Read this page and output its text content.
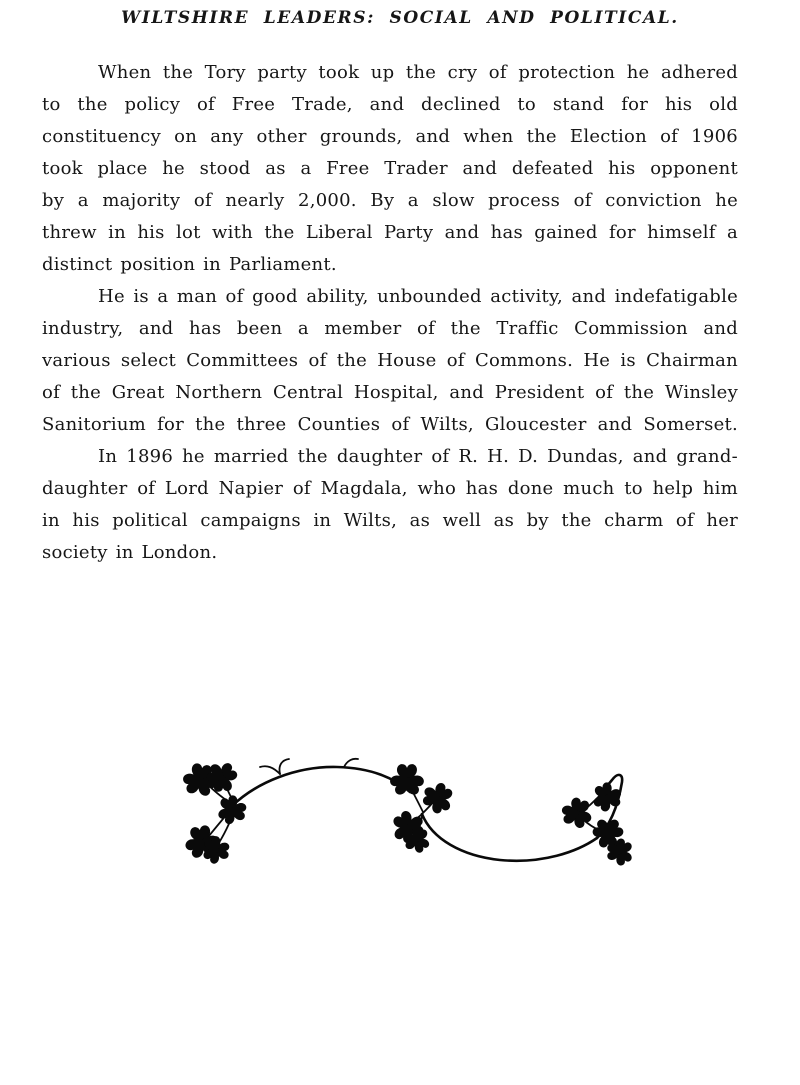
WILTSHIRE LEADERS: SOCIAL AND POLITICAL.
When the Tory party took up the cry of protection he adhered
to the policy of Free Trade, and declined to stand for his old
constituency on any other grounds, and when the Election of 1906
took place he stood as a Free Trader and defeated his opponent
by a majority of nearly 2,000. By a slow process of conviction he
threw in his lot with the Liberal Party and has gained for himself a
distinct position in Parliament.
He is a man of good ability, unbounded activity, and indefatigable
industry, and has been a member of the Traffic Commission and
various select Committees of the House of Commons. He is Chairman
of the Great Northern Central Hospital, and President of the Winsley
Sanitorium for the three Counties of Wilts, Gloucester and Somerset.
In 1896 he married the daughter of R. H. D. Dundas, and grand-
daughter of Lord Napier of Magdala, who has done much to help him
in his political campaigns in Wilts, as well as by the charm of her
society in London.
